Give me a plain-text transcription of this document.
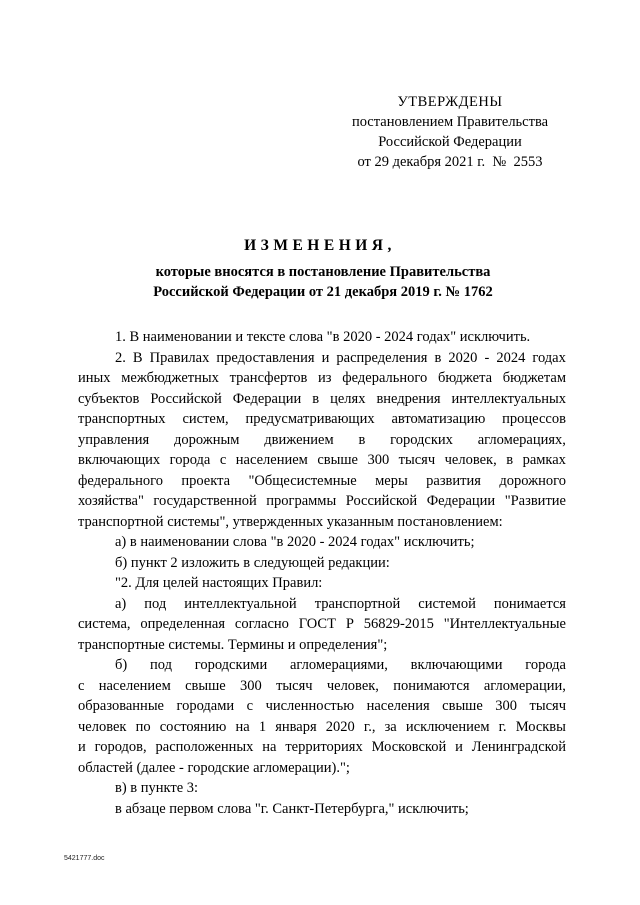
УТВЕРЖДЕНЫ
постановлением Правительства
Российской Федерации
от 29 декабря 2021 г.  №  2553
ИЗМЕНЕНИЯ,
которые вносятся в постановление Правительства
Российской Федерации от 21 декабря 2019 г. № 1762
1. В наименовании и тексте слова "в 2020 - 2024 годах" исключить.
2. В Правилах предоставления и распределения в 2020 - 2024 годах
иных межбюджетных трансфертов из федерального бюджета бюджетам
субъектов Российской Федерации в целях внедрения интеллектуальных
транспортных систем, предусматривающих автоматизацию процессов
управления дорожным движением в городских агломерациях,
включающих города с населением свыше 300 тысяч человек, в рамках
федерального проекта "Общесистемные меры развития дорожного
хозяйства" государственной программы Российской Федерации "Развитие
транспортной системы", утвержденных указанным постановлением:
а) в наименовании слова "в 2020 - 2024 годах" исключить;
б) пункт 2 изложить в следующей редакции:
"2. Для целей настоящих Правил:
а) под интеллектуальной транспортной системой понимается
система, определенная согласно ГОСТ Р 56829-2015 "Интеллектуальные
транспортные системы. Термины и определения";
б) под городскими агломерациями, включающими города
с населением свыше 300 тысяч человек, понимаются агломерации,
образованные городами с численностью населения свыше 300 тысяч
человек по состоянию на 1 января 2020 г., за исключением г. Москвы
и городов, расположенных на территориях Московской и Ленинградской
областей (далее - городские агломерации).";
в) в пункте 3:
в абзаце первом слова "г. Санкт-Петербурга," исключить;
5421777.doc
